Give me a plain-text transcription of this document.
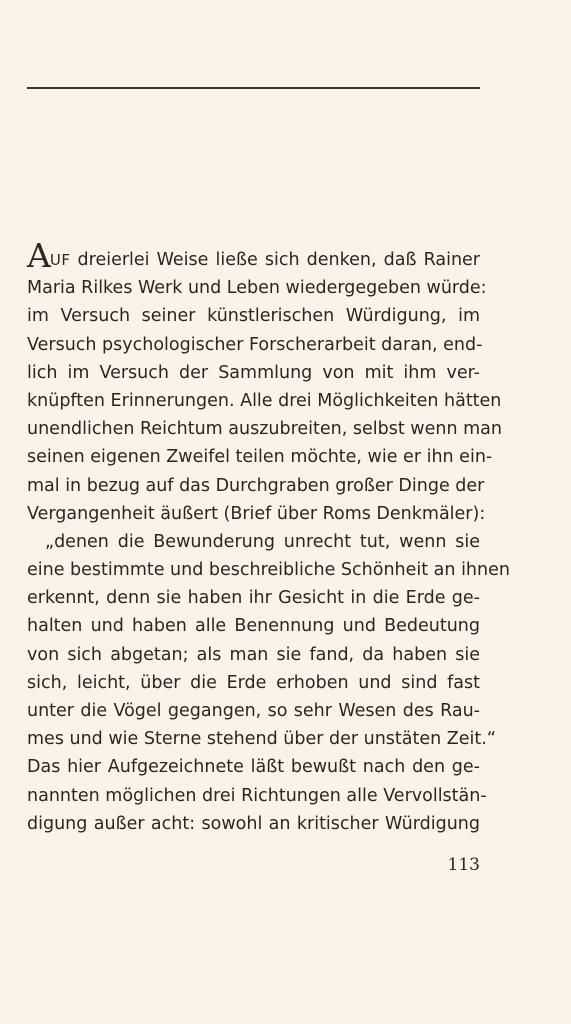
AUF dreierlei Weise ließe sich denken, daß Rainer
Maria Rilkes Werk und Leben wiedergegeben würde:
im Versuch seiner künstlerischen Würdigung, im
Versuch psychologischer Forscherarbeit daran, end-
lich im Versuch der Sammlung von mit ihm ver-
knüpften Erinnerungen. Alle drei Möglichkeiten hätten
unendlichen Reichtum auszubreiten, selbst wenn man
seinen eigenen Zweifel teilen möchte, wie er ihn ein-
mal in bezug auf das Durchgraben großer Dinge der
Vergangenheit äußert (Brief über Roms Denkmäler):
„denen die Bewunderung unrecht tut, wenn sie
eine bestimmte und beschreibliche Schönheit an ihnen
erkennt, denn sie haben ihr Gesicht in die Erde ge-
halten und haben alle Benennung und Bedeutung
von sich abgetan; als man sie fand, da haben sie
sich, leicht, über die Erde erhoben und sind fast
unter die Vögel gegangen, so sehr Wesen des Rau-
mes und wie Sterne stehend über der unstäten Zeit.“
Das hier Aufgezeichnete läßt bewußt nach den ge-
nannten möglichen drei Richtungen alle Vervollstän-
digung außer acht: sowohl an kritischer Würdigung
113
